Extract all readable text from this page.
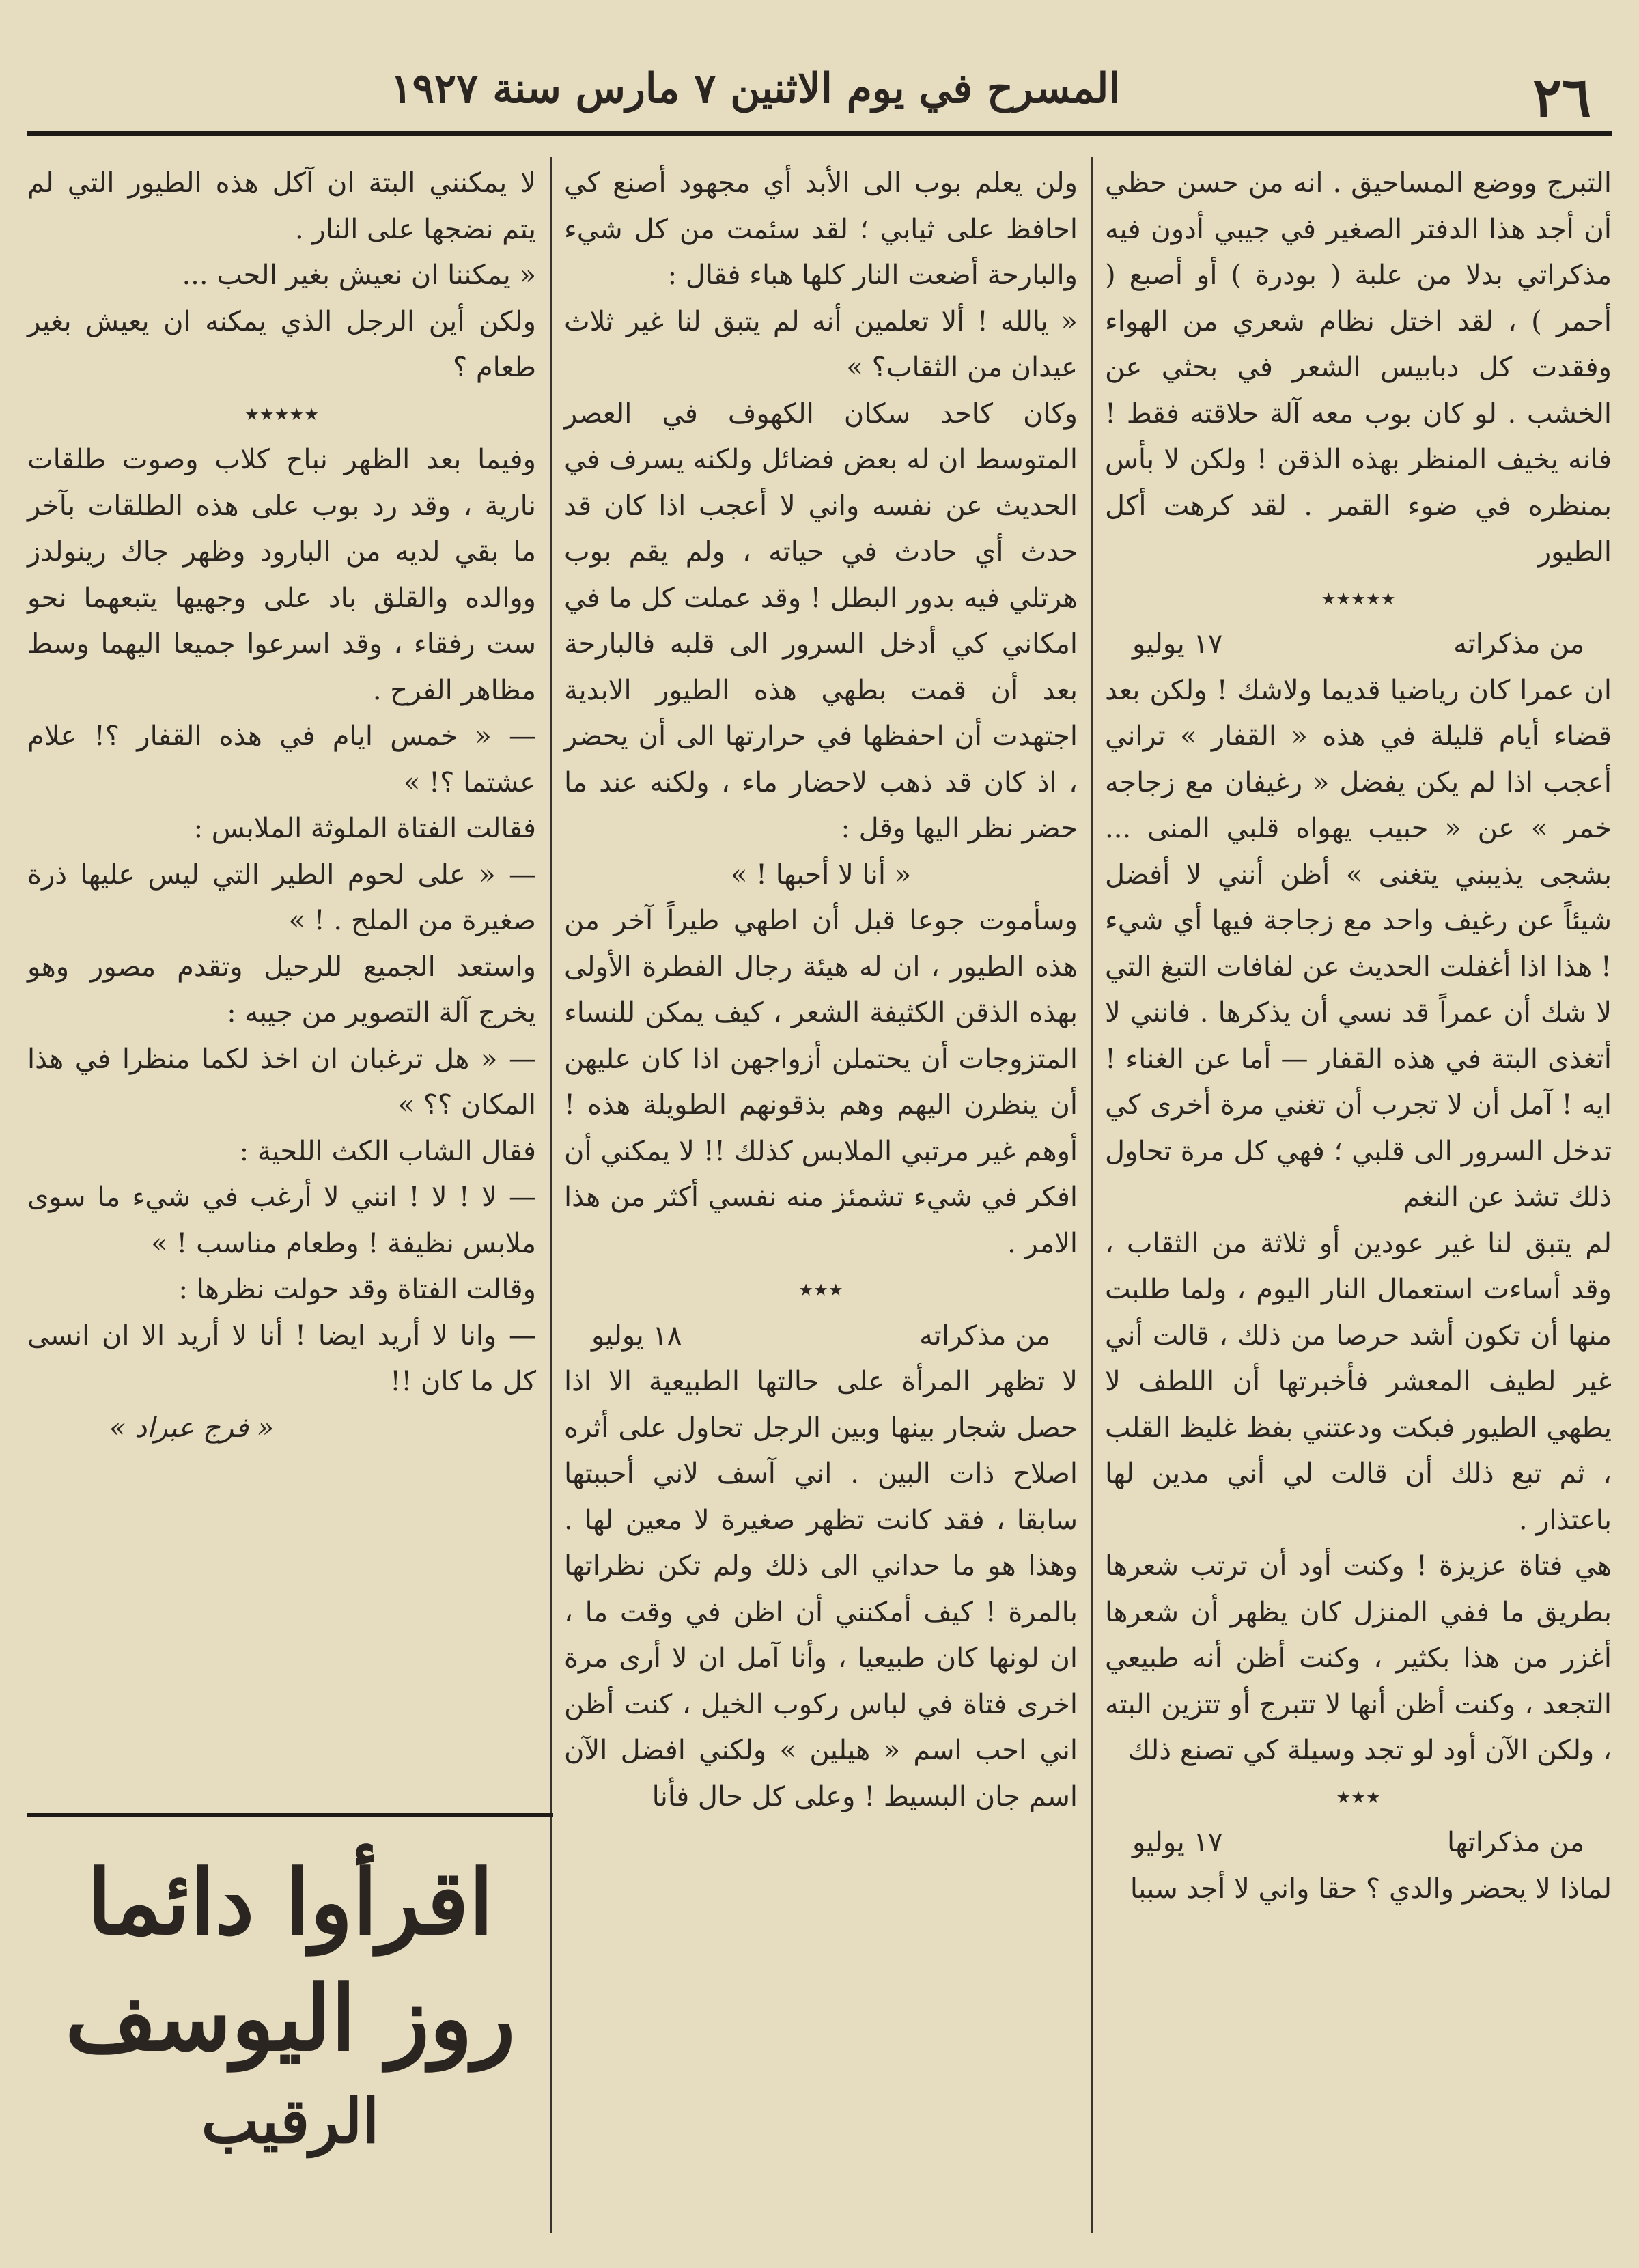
٢٦
المسرح في يوم الاثنين ٧ مارس سنة ١٩٢٧

التبرج ووضع المساحيق . انه من حسن حظي أن أجد هذا الدفتر الصغير في جيبي أدون فيه مذكراتي بدلا من علبة ( بودرة ) أو أصبع ( أحمر ) ، لقد اختل نظام شعري من الهواء وفقدت كل دبابيس الشعر في بحثي عن الخشب . لو كان بوب معه آلة حلاقته فقط ! فانه يخيف المنظر بهذه الذقن ! ولكن لا بأس بمنظره في ضوء القمر . لقد كرهت أكل الطيور

٭٭٭٭٭

من مذكراته
١٧ يوليو

ان عمرا كان رياضيا قديما ولاشك ! ولكن بعد قضاء أيام قليلة في هذه « القفار » تراني أعجب اذا لم يكن يفضل « رغيفان مع زجاجه خمر » عن « حبيب يهواه قلبي المنى ... بشجى يذيبني يتغنى » أظن أنني لا أفضل شيئاً عن رغيف واحد مع زجاجة فيها أي شيء ! هذا اذا أغفلت الحديث عن لفافات التبغ التي لا شك أن عمراً قد نسي أن يذكرها . فانني لا أتغذى البتة في هذه القفار — أما عن الغناء ! ايه ! آمل أن لا تجرب أن تغني مرة أخرى كي تدخل السرور الى قلبي ؛ فهي كل مرة تحاول ذلك تشذ عن النغم

لم يتبق لنا غير عودين أو ثلاثة من الثقاب ، وقد أساءت استعمال النار اليوم ، ولما طلبت منها أن تكون أشد حرصا من ذلك ، قالت أني غير لطيف المعشر فأخبرتها أن اللطف لا يطهي الطيور فبكت ودعتني بفظ غليظ القلب ، ثم تبع ذلك أن قالت لي أني مدين لها باعتذار .

هي فتاة عزيزة ! وكنت أود أن ترتب شعرها بطريق ما ففي المنزل كان يظهر أن شعرها أغزر من هذا بكثير ، وكنت أظن أنه طبيعي التجعد ، وكنت أظن أنها لا تتبرج أو تتزين البته ، ولكن الآن أود لو تجد وسيلة كي تصنع ذلك

٭٭٭

من مذكراتها
١٧ يوليو

لماذا لا يحضر والدي ؟ حقا واني لا أجد سببا

ولن يعلم بوب الى الأبد أي مجهود أصنع كي احافظ على ثيابي ؛ لقد سئمت من كل شيء والبارحة أضعت النار كلها هباء فقال :

« يالله ! ألا تعلمين أنه لم يتبق لنا غير ثلاث عيدان من الثقاب؟ »

وكان كاحد سكان الكهوف في العصر المتوسط ان له بعض فضائل ولكنه يسرف في الحديث عن نفسه واني لا أعجب اذا كان قد حدث أي حادث في حياته ، ولم يقم بوب هرتلي فيه بدور البطل ! وقد عملت كل ما في امكاني كي أدخل السرور الى قلبه فالبارحة بعد أن قمت بطهي هذه الطيور الابدية اجتهدت أن احفظها في حرارتها الى أن يحضر ، اذ كان قد ذهب لاحضار ماء ، ولكنه عند ما حضر نظر اليها وقل :

« أنا لا أحبها ! »

وسأموت جوعا قبل أن اطهي طيراً آخر من هذه الطيور ، ان له هيئة رجال الفطرة الأولى بهذه الذقن الكثيفة الشعر ، كيف يمكن للنساء المتزوجات أن يحتملن أزواجهن اذا كان عليهن أن ينظرن اليهم وهم بذقونهم الطويلة هذه ! أوهم غير مرتبي الملابس كذلك !! لا يمكني أن افكر في شيء تشمئز منه نفسي أكثر من هذا الامر .

٭٭٭

من مذكراته
١٨ يوليو

لا تظهر المرأة على حالتها الطبيعية الا اذا حصل شجار بينها وبين الرجل تحاول على أثره اصلاح ذات البين . اني آسف لاني أحببتها سابقا ، فقد كانت تظهر صغيرة لا معين لها . وهذا هو ما حداني الى ذلك ولم تكن نظراتها بالمرة ! كيف أمكنني أن اظن في وقت ما ، ان لونها كان طبيعيا ، وأنا آمل ان لا أرى مرة اخرى فتاة في لباس ركوب الخيل ، كنت أظن اني احب اسم « هيلين » ولكني افضل الآن اسم جان البسيط ! وعلى كل حال فأنا

لا يمكنني البتة ان آكل هذه الطيور التي لم يتم نضجها على النار .

« يمكننا ان نعيش بغير الحب ...

ولكن أين الرجل الذي يمكنه ان يعيش بغير طعام ؟

٭٭٭٭٭

وفيما بعد الظهر نباح كلاب وصوت طلقات نارية ، وقد رد بوب على هذه الطلقات بآخر ما بقي لديه من البارود وظهر جاك رينولدز ووالده والقلق باد على وجهيها يتبعهما نحو ست رفقاء ، وقد اسرعوا جميعا اليهما وسط مظاهر الفرح .

— « خمس ايام في هذه القفار ؟! علام عشتما ؟! »

فقالت الفتاة الملوثة الملابس :

— « على لحوم الطير التي ليس عليها ذرة صغيرة من الملح . ! »

واستعد الجميع للرحيل وتقدم مصور وهو يخرج آلة التصوير من جيبه :

— « هل ترغبان ان اخذ لكما منظرا في هذا المكان ؟؟ »

فقال الشاب الكث اللحية :

— لا ! لا ! انني لا أرغب في شيء ما سوى ملابس نظيفة ! وطعام مناسب ! »

وقالت الفتاة وقد حولت نظرها :

— وانا لا أريد ايضا ! أنا لا أريد الا ان انسى كل ما كان !!

« فرج عبراد »

اقرأوا دائما
روز اليوسف
الرقيب
